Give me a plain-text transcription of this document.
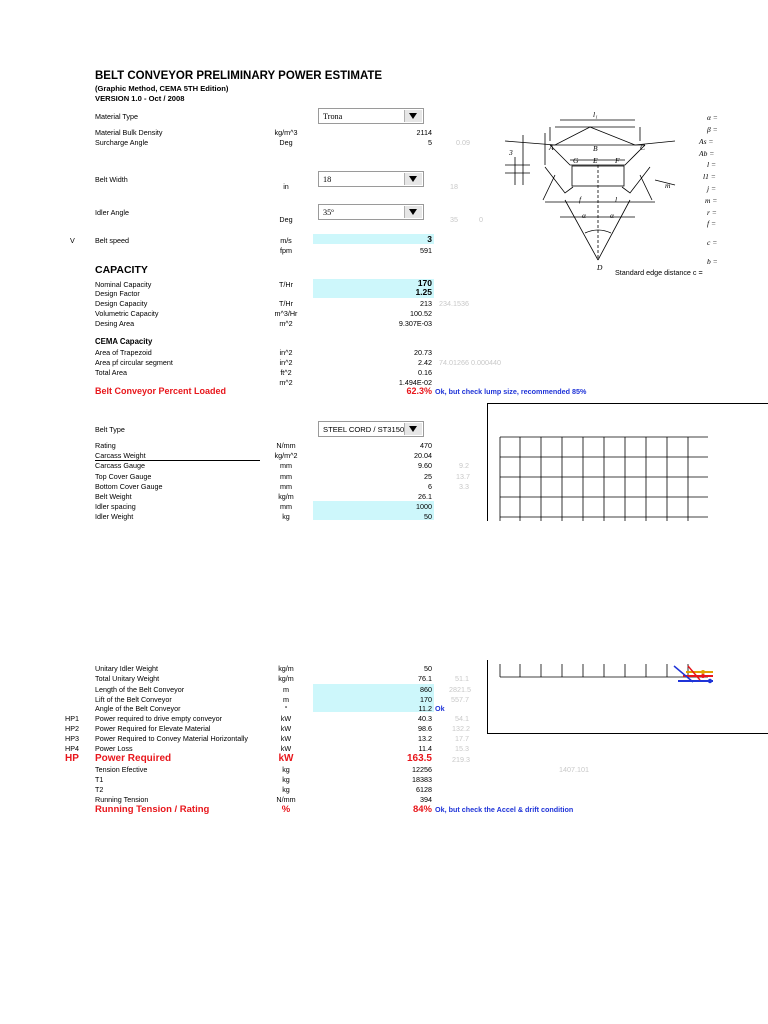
BELT CONVEYOR PRELIMINARY POWER ESTIMATE
(Graphic Method, CEMA 5TH Edition)
VERSION 1.0 - Oct / 2008
Material Type	Trona
Material Bulk Density	kg/m^3	2114
Surcharge Angle	Deg	5	0.09
Belt Width	18
in	18
Idler Angle	35º
Deg	35	0
V	Belt speed	m/s	3
fpm	591
CAPACITY
Nominal Capacity	T/Hr	170
Design Factor	1.25
Design Capacity	T/Hr	213 234.1536
Volumetric Capacity	m^3/Hr	100.52
Desing Area	m^2	9.307E-03
CEMA Capacity
Area of Trapezoid	in^2	20.73
Area pf circular segment	in^2	2.42 74.01266 0.000440
Total Area	ft^2	0.16
m^2	1.494E-02
Belt Conveyor Percent Loaded	62.3% Ok, but check lump size, recommended 85%
Belt Type	STEEL CORD / ST3150
Rating	N/mm	470
Carcass Weight	kg/m^2	20.04
Carcass Gauge	mm	9.60	9.2
Top Cover Gauge	mm	25	13.7
Bottom Cover Gauge	mm	6	3.3
Belt Weight	kg/m	26.1
Idler spacing	mm	1000
Idler Weight	kg	50
Unitary Idler Weight	kg/m	50
Total Unitary Weight	kg/m	76.1	51.1
Length of the Belt Conveyor	m	860 2821.5
Lift of the Belt Conveyor	m	170	557.7
Angle of the Belt Conveyor	°	11.2 Ok
HP1 Power required to drive empty conveyor	kW	40.3	54.1
HP2 Power Required for Elevate Material	kW	98.6	132.2
HP3 Power Required to Convey Material Horizontally	kW	13.2	17.7
HP4 Power Loss	kW	11.4	15.3
HP Power Required	kW	163.5	219.3
Tension Efective	kg	12256	1407.101
T1	kg	18383
T2	kg	6128
Running Tension	N/mm	394
Running Tension / Rating	%	84% Ok, but check the Accel & drift condition
l₁
A	C
B
G E F
3
f	l
α	α
m
D
α =
β =
As =
Ab =
l =
l1 =
j =
m =
r =
f =
c =
b =
Standard edge distance c =
